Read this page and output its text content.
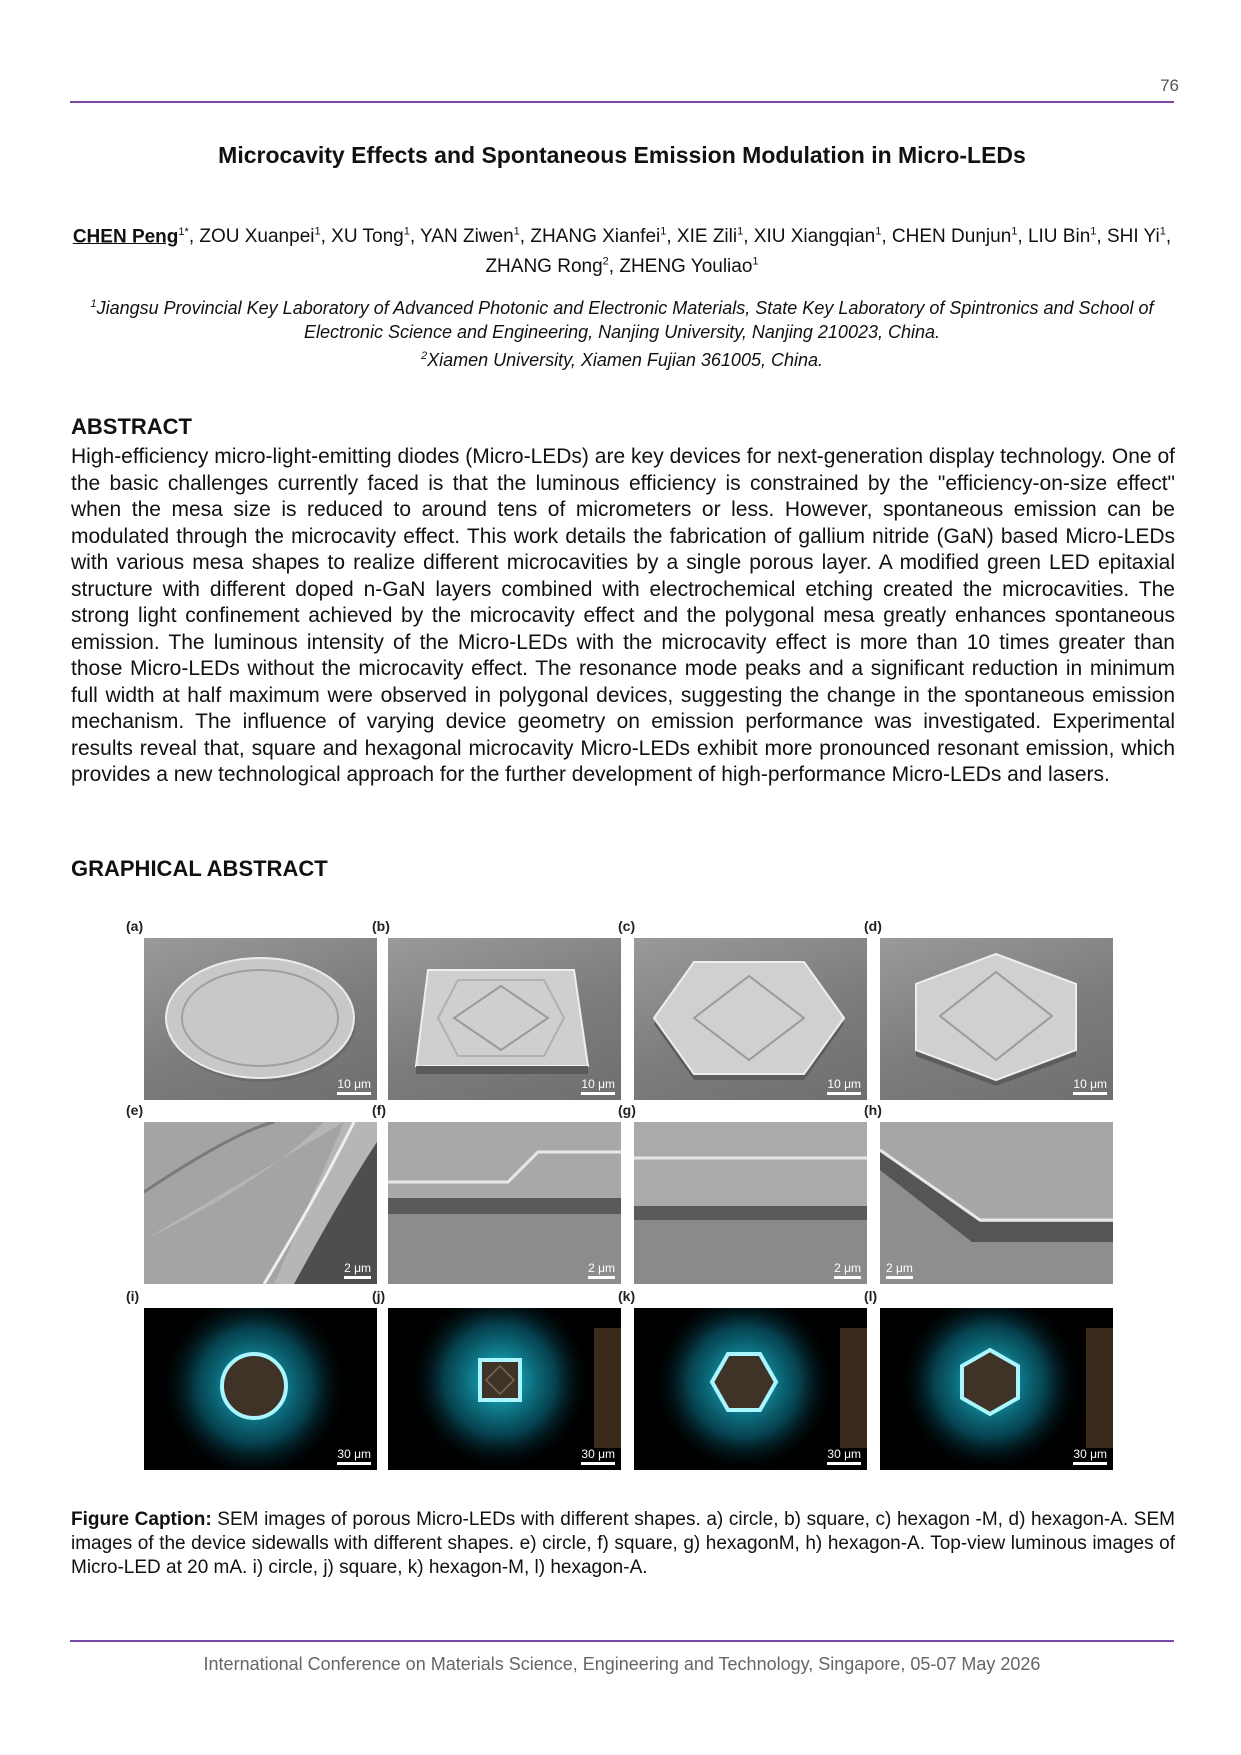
76
Microcavity Effects and Spontaneous Emission Modulation in Micro-LEDs
CHEN Peng$^{1*}$, ZOU Xuanpei$^1$, XU Tong$^1$, YAN Ziwen$^1$, ZHANG Xianfei$^1$, XIE Zili$^1$, XIU Xiangqian$^1$, CHEN Dunjun$^1$, LIU Bin$^1$, SHI Yi$^1$, ZHANG Rong$^2$, ZHENG Youliao$^1$
$^1$Jiangsu Provincial Key Laboratory of Advanced Photonic and Electronic Materials, State Key Laboratory of Spintronics and School of Electronic Science and Engineering, Nanjing University, Nanjing 210023, China.
$^2$Xiamen University, Xiamen Fujian 361005, China.
ABSTRACT

High-efficiency micro-light-emitting diodes (Micro-LEDs) are key devices for next-generation display technology. One of the basic challenges currently faced is that the luminous efficiency is constrained by the "efficiency-on-size effect" when the mesa size is reduced to around tens of micrometers or less. However, spontaneous emission can be modulated through the microcavity effect. This work details the fabrication of gallium nitride (GaN) based Micro-LEDs with various mesa shapes to realize different microcavities by a single porous layer. A modified green LED epitaxial structure with different doped n-GaN layers combined with electrochemical etching created the microcavities. The strong light confinement achieved by the microcavity effect and the polygonal mesa greatly enhances spontaneous emission. The luminous intensity of the Micro-LEDs with the microcavity effect is more than 10 times greater than those Micro-LEDs without the microcavity effect. The resonance mode peaks and a significant reduction in minimum full width at half maximum were observed in polygonal devices, suggesting the change in the spontaneous emission mechanism. The influence of varying device geometry on emission performance was investigated. Experimental results reveal that, square and hexagonal microcavity Micro-LEDs exhibit more pronounced resonant emission, which provides a new technological approach for the further development of high-performance Micro-LEDs and lasers.

GRAPHICAL ABSTRACT
(a)
10 μm
(b)
10 μm
(c)
10 μm
(d)
10 μm
(e)
2 μm
(f)
2 μm
(g)
2 μm
(h)
2 μm
(i)
30 μm
(j)
30 μm
(k)
30 μm
(l)
30 μm

Figure Caption: SEM images of porous Micro-LEDs with different shapes. a) circle, b) square, c) hexagon -M, d) hexagon-A. SEM images of the device sidewalls with different shapes. e) circle, f) square, g) hexagonM, h) hexagon-A. Top-view luminous images of Micro-LED at 20 mA. i) circle, j) square, k) hexagon-M, l) hexagon-A.

International Conference on Materials Science, Engineering and Technology, Singapore, 05-07 May 2026
